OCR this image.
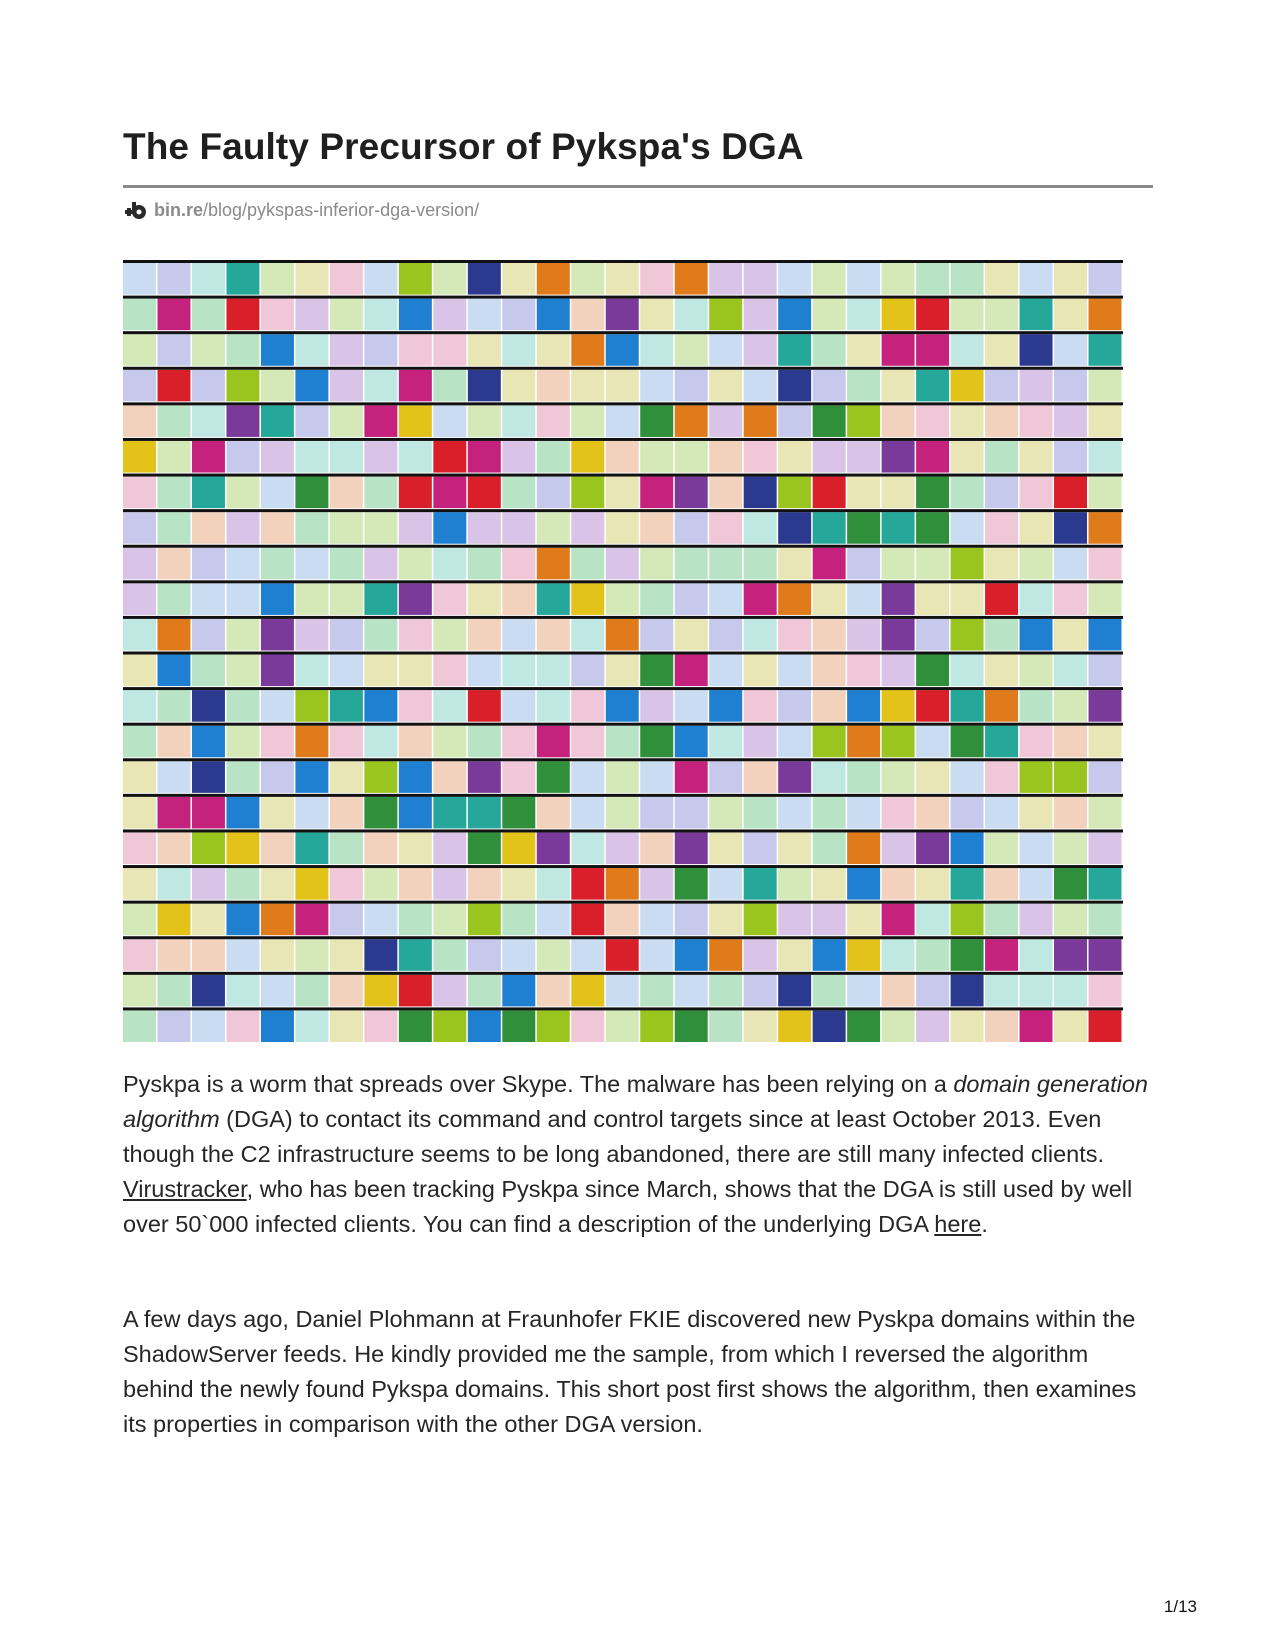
The Faulty Precursor of Pykspa's DGA
bin.re /blog/pykspas-inferior-dga-version/

Pyskpa is a worm that spreads over Skype. The malware has been relying on a domain generation algorithm (DGA) to contact its command and control targets since at least October 2013. Even though the C2 infrastructure seems to be long abandoned, there are still many infected clients. Virustracker, who has been tracking Pyskpa since March, shows that the DGA is still used by well over 50`000 infected clients. You can find a description of the underlying DGA here.

A few days ago, Daniel Plohmann at Fraunhofer FKIE discovered new Pyskpa domains within the ShadowServer feeds. He kindly provided me the sample, from which I reversed the algorithm behind the newly found Pykspa domains. This short post first shows the algorithm, then examines its properties in comparison with the other DGA version.

1/13
